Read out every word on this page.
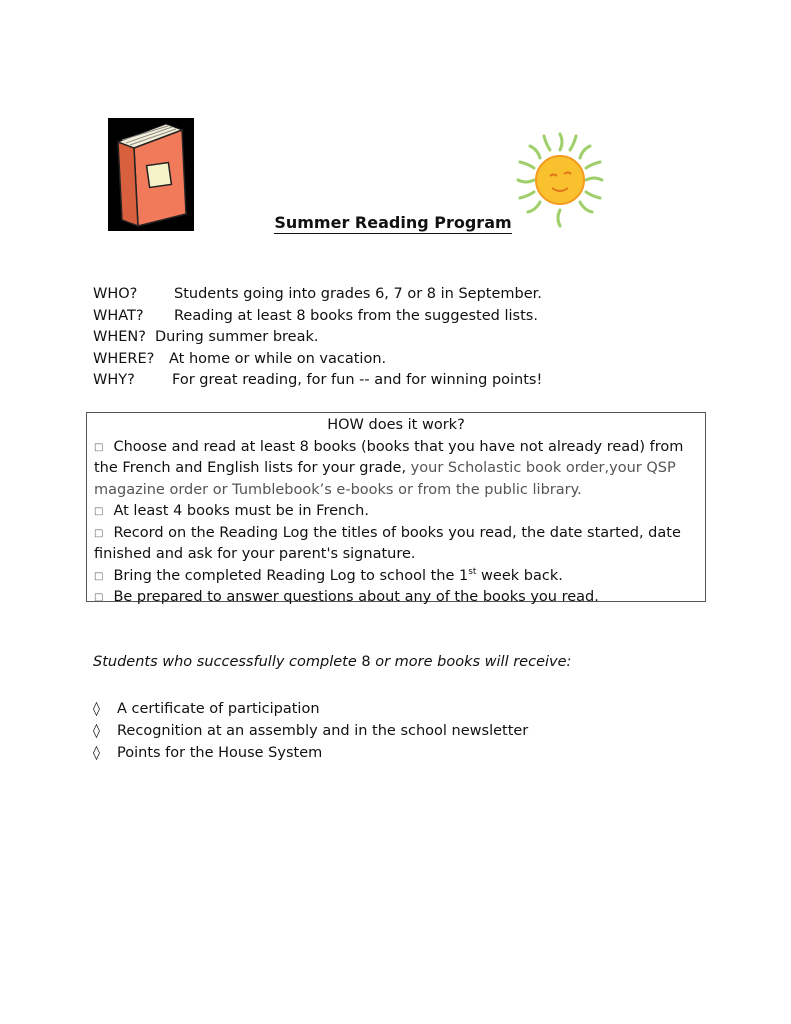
Summer Reading Program
WHO?	Students going into grades 6, 7 or 8 in September.
WHAT? Reading at least 8 books from the suggested lists.
WHEN? During summer break.
WHERE? At home or while on vacation.
WHY?	For great reading, for fun -- and for winning points!
HOW does it work?

□ Choose and read at least 8 books (books that you have not already read) from the French and English lists for your grade, your Scholastic book order,your QSP magazine order or Tumblebook’s e-books or from the public library.

□ At least 4 books must be in French.

□ Record on the Reading Log the titles of books you read, the date started, date finished and ask for your parent's signature.

□ Bring the completed Reading Log to school the 1st week back.

□ Be prepared to answer questions about any of the books you read.

Students who successfully complete 8 or more books will receive:
◊ A certificate of participation
◊ Recognition at an assembly and in the school newsletter
◊ Points for the House System
